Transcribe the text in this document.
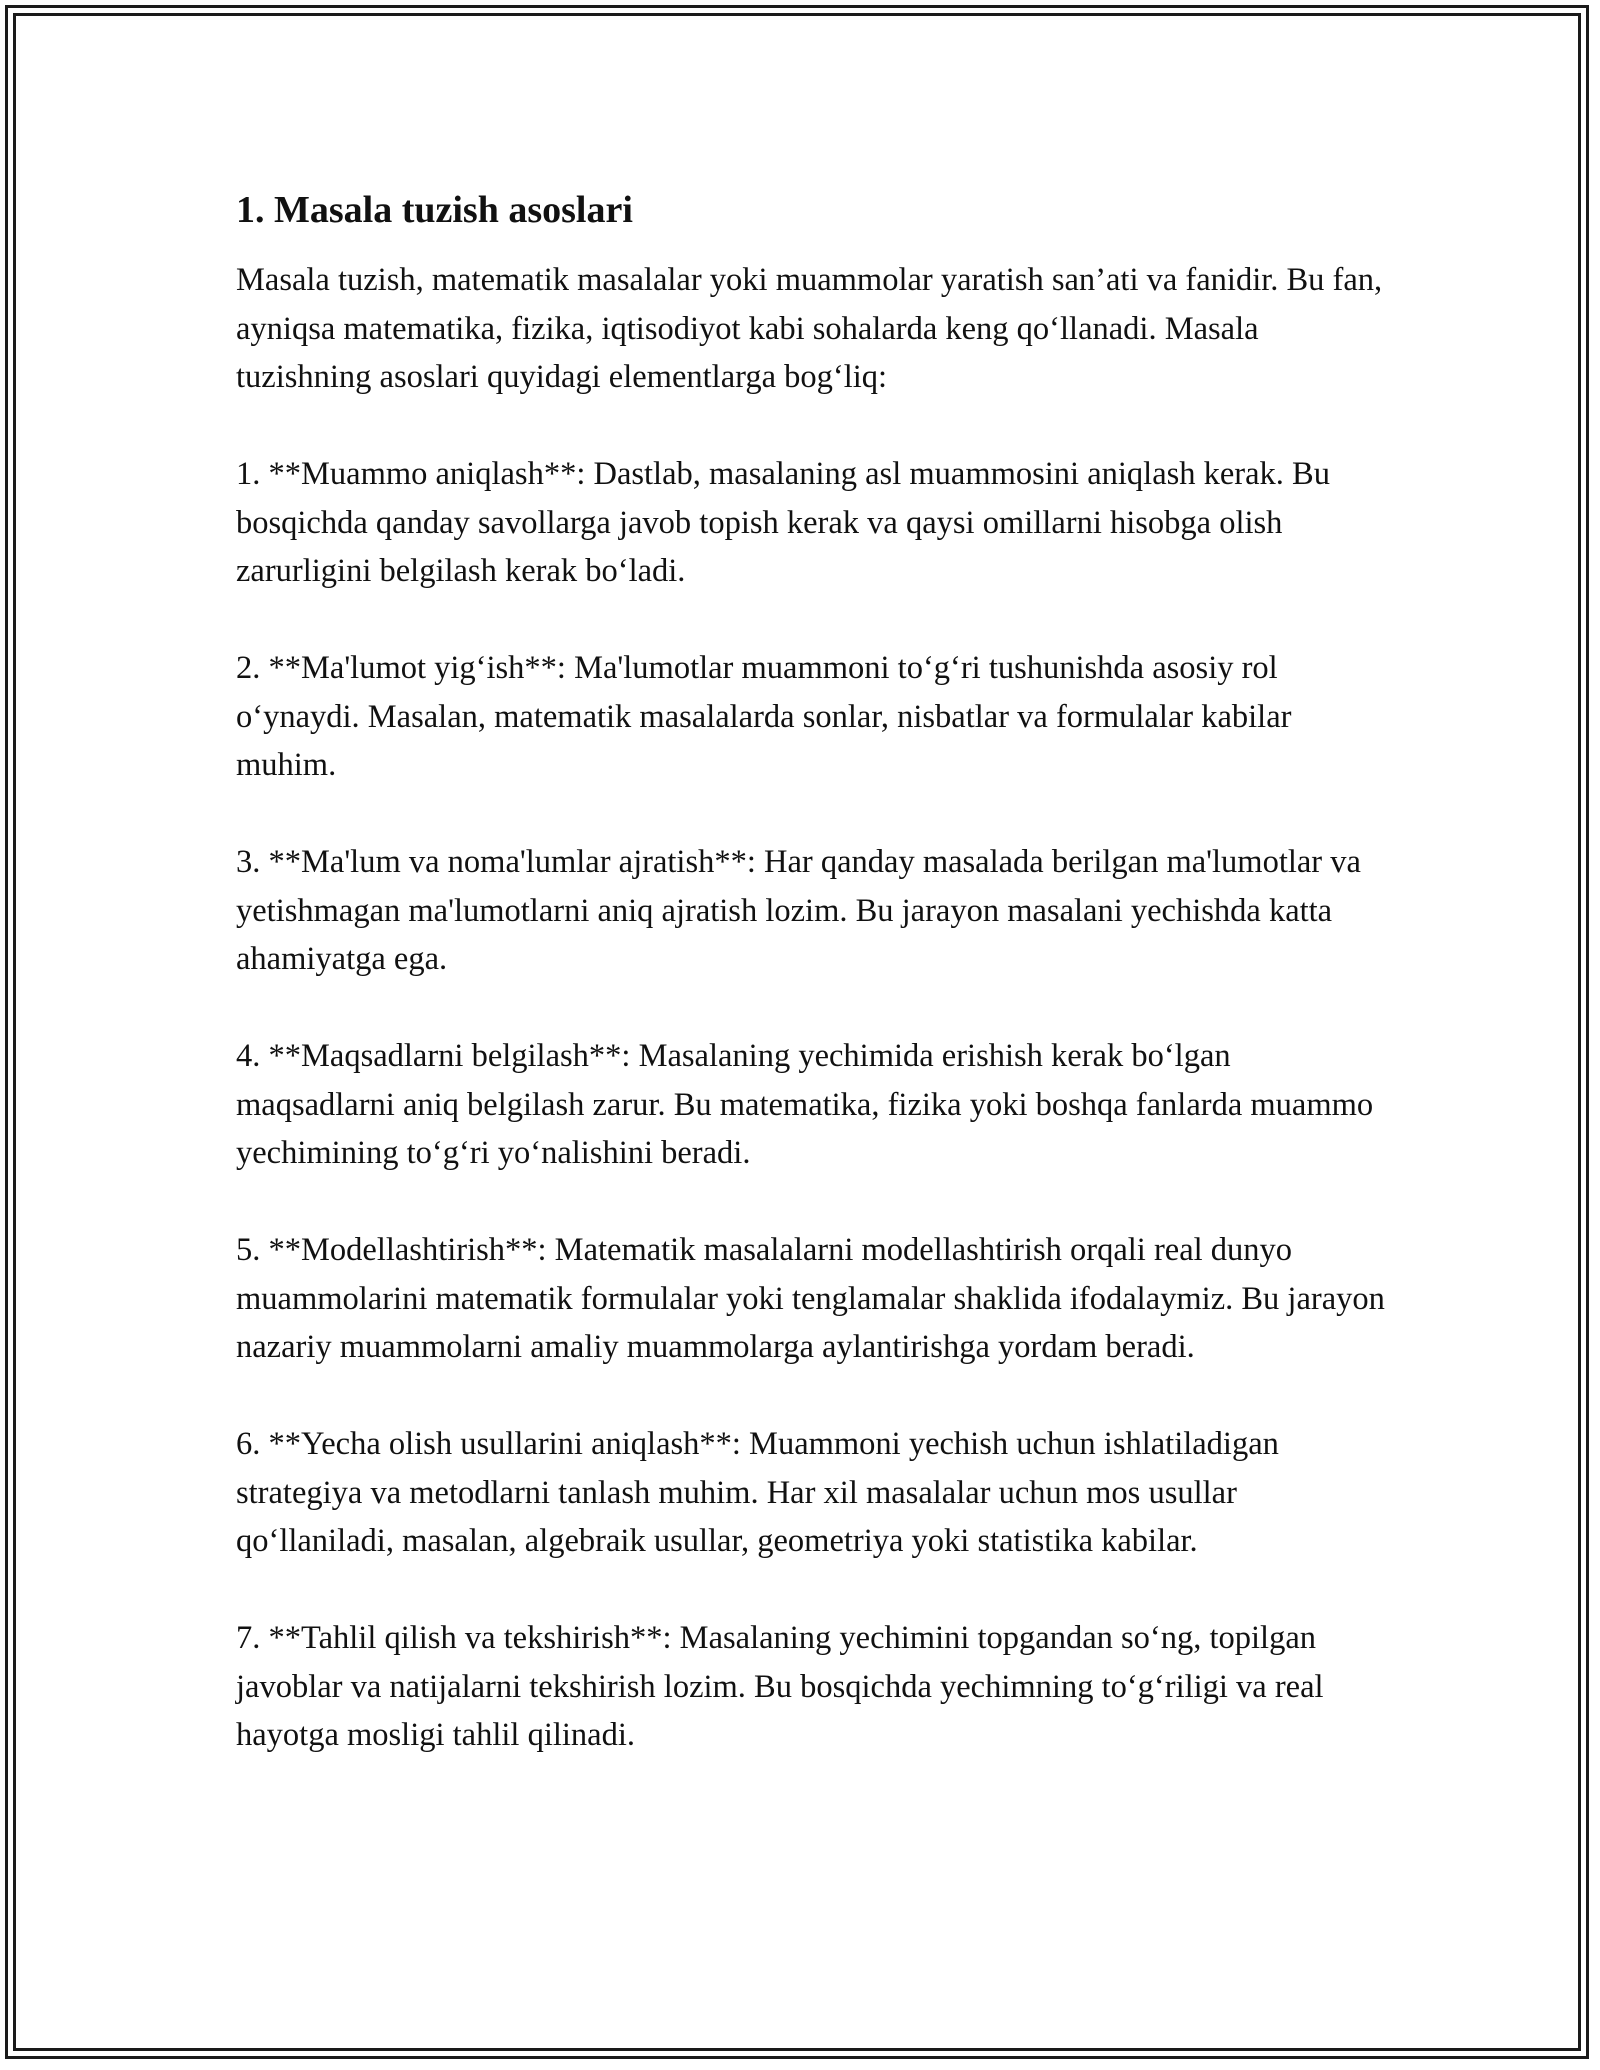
1. Masala tuzish asoslari

Masala tuzish, matematik masalalar yoki muammolar yaratish san’ati va fanidir. Bu fan, ayniqsa matematika, fizika, iqtisodiyot kabi sohalarda keng qo‘llanadi. Masala tuzishning asoslari quyidagi elementlarga bog‘liq:

1. **Muammo aniqlash**: Dastlab, masalaning asl muammosini aniqlash kerak. Bu bosqichda qanday savollarga javob topish kerak va qaysi omillarni hisobga olish zarurligini belgilash kerak bo‘ladi.

2. **Ma'lumot yig‘ish**: Ma'lumotlar muammoni to‘g‘ri tushunishda asosiy rol o‘ynaydi. Masalan, matematik masalalarda sonlar, nisbatlar va formulalar kabilar muhim.

3. **Ma'lum va noma'lumlar ajratish**: Har qanday masalada berilgan ma'lumotlar va yetishmagan ma'lumotlarni aniq ajratish lozim. Bu jarayon masalani yechishda katta ahamiyatga ega.

4. **Maqsadlarni belgilash**: Masalaning yechimida erishish kerak bo‘lgan maqsadlarni aniq belgilash zarur. Bu matematika, fizika yoki boshqa fanlarda muammo yechimining to‘g‘ri yo‘nalishini beradi.

5. **Modellashtirish**: Matematik masalalarni modellashtirish orqali real dunyo muammolarini matematik formulalar yoki tenglamalar shaklida ifodalaymiz. Bu jarayon nazariy muammolarni amaliy muammolarga aylantirishga yordam beradi.

6. **Yecha olish usullarini aniqlash**: Muammoni yechish uchun ishlatiladigan strategiya va metodlarni tanlash muhim. Har xil masalalar uchun mos usullar qo‘llaniladi, masalan, algebraik usullar, geometriya yoki statistika kabilar.

7. **Tahlil qilish va tekshirish**: Masalaning yechimini topgandan so‘ng, topilgan javoblar va natijalarni tekshirish lozim. Bu bosqichda yechimning to‘g‘riligi va real hayotga mosligi tahlil qilinadi.
